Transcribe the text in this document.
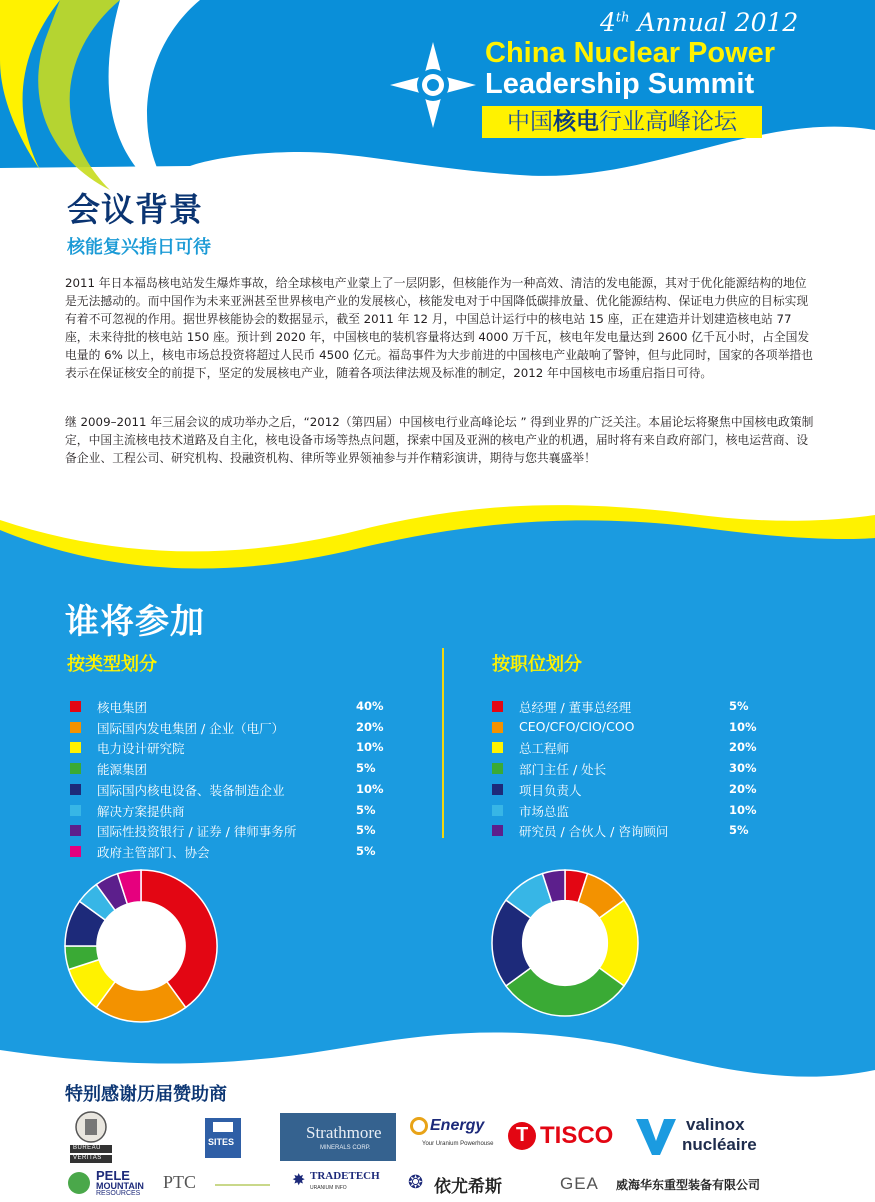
4th Annual 2012
China Nuclear Power
Leadership Summit
中国核电行业高峰论坛
会议背景
核能复兴指日可待
2011 年日本福岛核电站发生爆炸事故，给全球核电产业蒙上了一层阴影，但核能作为一种高效、清洁的发电能源，其对于优化能源结构的地位是无法撼动的。而中国作为未来亚洲甚至世界核电产业的发展核心，核能发电对于中国降低碳排放量、优化能源结构、保证电力供应的目标实现有着不可忽视的作用。据世界核能协会的数据显示，截至 2011 年 12 月，中国总计运行中的核电站 15 座，正在建造并计划建造核电站 77 座，未来待批的核电站 150 座。预计到 2020 年，中国核电的装机容量将达到 4000 万千瓦，核电年发电量达到 2600 亿千瓦小时，占全国发电量的 6% 以上，核电市场总投资将超过人民币 4500 亿元。福岛事件为大步前进的中国核电产业敲响了警钟，但与此同时，国家的各项举措也表示在保证核安全的前提下，坚定的发展核电产业，随着各项法律法规及标准的制定，2012 年中国核电市场重启指日可待。
继 2009–2011 年三届会议的成功举办之后，“2012（第四届）中国核电行业高峰论坛 ” 得到业界的广泛关注。本届论坛将聚焦中国核电政策制定，中国主流核电技术道路及自主化，核电设备市场等热点问题，探索中国及亚洲的核电产业的机遇，届时将有来自政府部门，核电运营商、设备企业、工程公司、研究机构、投融资机构、律所等业界领袖参与并作精彩演讲，期待与您共襄盛举！
谁将参加
按类型划分	按职位划分
核电集团	40%
国际国内发电集团 / 企业（电厂）	20%
电力设计研究院	10%
能源集团	5%
国际国内核电设备、装备制造企业	10%
解决方案提供商	5%
国际性投资银行 / 证券 / 律师事务所	5%
政府主管部门、协会	5%
总经理 / 董事总经理	5%
CEO/CFO/CIO/COO	10%
总工程师	20%
部门主任 / 处长	30%
项目负责人	20%
市场总监	10%
研究员 / 合伙人 / 咨询顾问	5%
特别感谢历届赞助商
BUREAU
VERITAS
SITES	Strathmore
MINERALS CORP.
Energy
Your Uranium Powerhouse T TISCO	valinox
nucléaire
PELE
MOUNTAIN
RESOURCES
PTC	✸ TRADETECH
URANIUM INFO	❂ 依尤希斯	GEA 威海华东重型装备有限公司
